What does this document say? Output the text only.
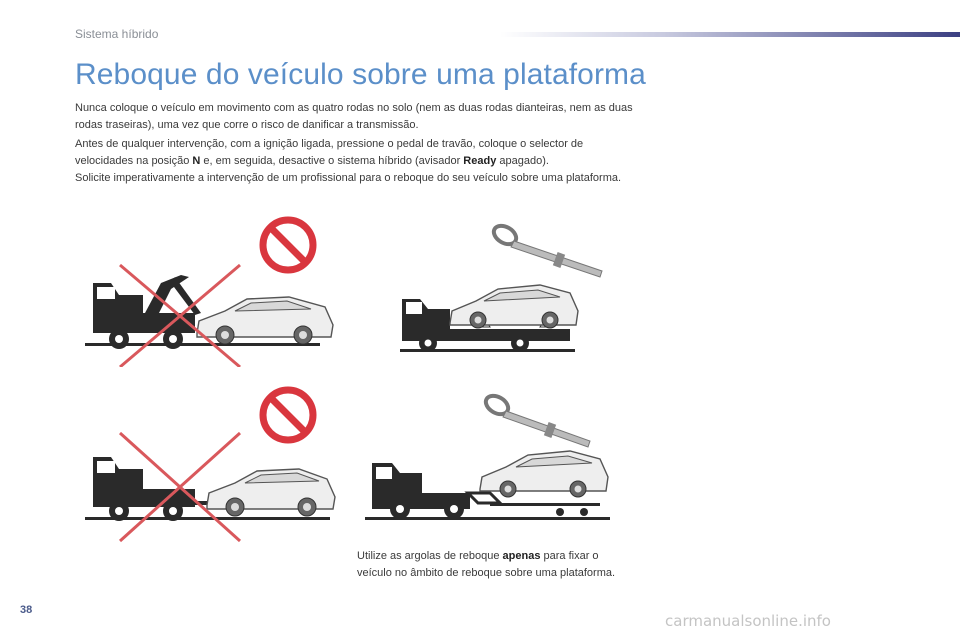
Sistema híbrido
Reboque do veículo sobre uma plataforma

Nunca coloque o veículo em movimento com as quatro rodas no solo (nem as duas rodas dianteiras, nem as duas rodas traseiras), uma vez que corre o risco de danificar a transmissão.

Antes de qualquer intervenção, com a ignição ligada, pressione o pedal de travão, coloque o selector de velocidades na posição N e, em seguida, desactive o sistema híbrido (avisador Ready apagado).
Solicite imperativamente a intervenção de um profissional para o reboque do seu veículo sobre uma plataforma.

Utilize as argolas de reboque apenas para fixar o veículo no âmbito de reboque sobre uma plataforma.

38
carmanualsonline.info
